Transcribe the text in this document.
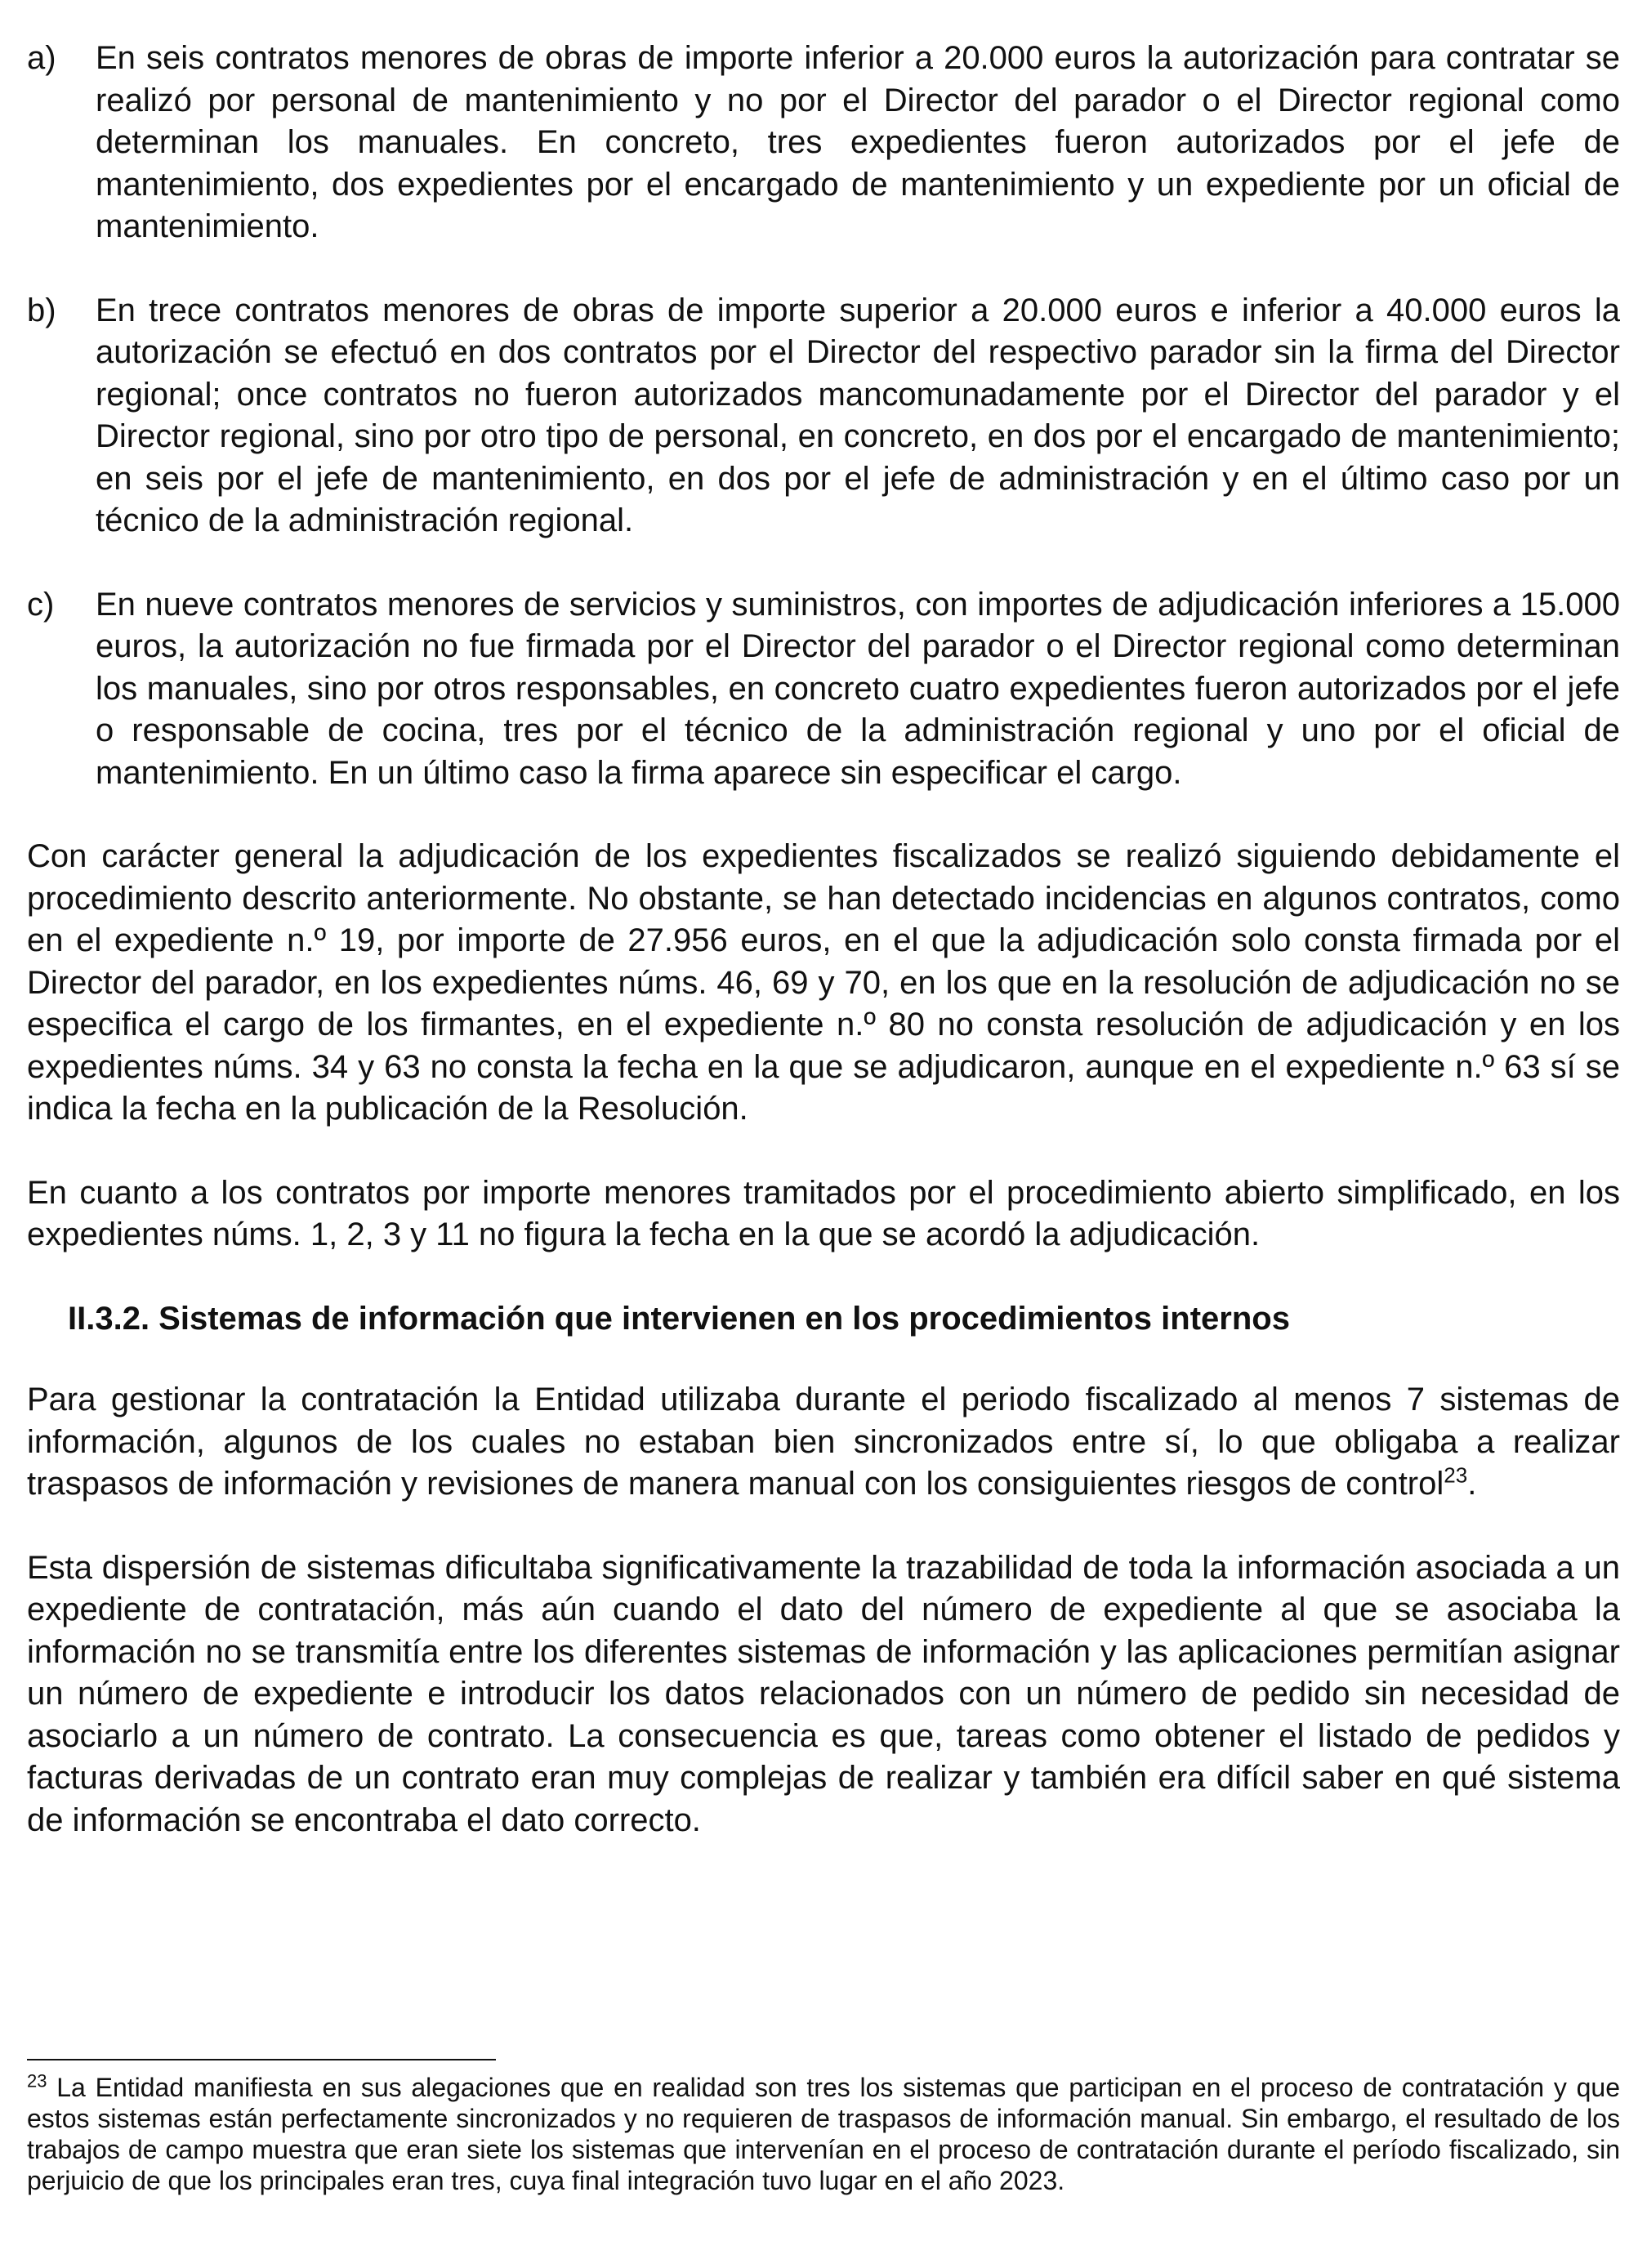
a) En seis contratos menores de obras de importe inferior a 20.000 euros la autorización para contratar se realizó por personal de mantenimiento y no por el Director del parador o el Director regional como determinan los manuales. En concreto, tres expedientes fueron autorizados por el jefe de mantenimiento, dos expedientes por el encargado de mantenimiento y un expediente por un oficial de mantenimiento.
b) En trece contratos menores de obras de importe superior a 20.000 euros e inferior a 40.000 euros la autorización se efectuó en dos contratos por el Director del respectivo parador sin la firma del Director regional; once contratos no fueron autorizados mancomunadamente por el Director del parador y el Director regional, sino por otro tipo de personal, en concreto, en dos por el encargado de mantenimiento; en seis por el jefe de mantenimiento, en dos por el jefe de administración y en el último caso por un técnico de la administración regional.
c) En nueve contratos menores de servicios y suministros, con importes de adjudicación inferiores a 15.000 euros, la autorización no fue firmada por el Director del parador o el Director regional como determinan los manuales, sino por otros responsables, en concreto cuatro expedientes fueron autorizados por el jefe o responsable de cocina, tres por el técnico de la administración regional y uno por el oficial de mantenimiento. En un último caso la firma aparece sin especificar el cargo.

Con carácter general la adjudicación de los expedientes fiscalizados se realizó siguiendo debidamente el procedimiento descrito anteriormente. No obstante, se han detectado incidencias en algunos contratos, como en el expediente n.º 19, por importe de 27.956 euros, en el que la adjudicación solo consta firmada por el Director del parador, en los expedientes núms. 46, 69 y 70, en los que en la resolución de adjudicación no se especifica el cargo de los firmantes, en el expediente n.º 80 no consta resolución de adjudicación y en los expedientes núms. 34 y 63 no consta la fecha en la que se adjudicaron, aunque en el expediente n.º 63 sí se indica la fecha en la publicación de la Resolución.

En cuanto a los contratos por importe menores tramitados por el procedimiento abierto simplificado, en los expedientes núms. 1, 2, 3 y 11 no figura la fecha en la que se acordó la adjudicación.

II.3.2. Sistemas de información que intervienen en los procedimientos internos

Para gestionar la contratación la Entidad utilizaba durante el periodo fiscalizado al menos 7 sistemas de información, algunos de los cuales no estaban bien sincronizados entre sí, lo que obligaba a realizar traspasos de información y revisiones de manera manual con los consiguientes riesgos de control$^{23}$.

Esta dispersión de sistemas dificultaba significativamente la trazabilidad de toda la información asociada a un expediente de contratación, más aún cuando el dato del número de expediente al que se asociaba la información no se transmitía entre los diferentes sistemas de información y las aplicaciones permitían asignar un número de expediente e introducir los datos relacionados con un número de pedido sin necesidad de asociarlo a un número de contrato. La consecuencia es que, tareas como obtener el listado de pedidos y facturas derivadas de un contrato eran muy complejas de realizar y también era difícil saber en qué sistema de información se encontraba el dato correcto.

$^{23}$ La Entidad manifiesta en sus alegaciones que en realidad son tres los sistemas que participan en el proceso de contratación y que estos sistemas están perfectamente sincronizados y no requieren de traspasos de información manual. Sin embargo, el resultado de los trabajos de campo muestra que eran siete los sistemas que intervenían en el proceso de contratación durante el período fiscalizado, sin perjuicio de que los principales eran tres, cuya final integración tuvo lugar en el año 2023.
